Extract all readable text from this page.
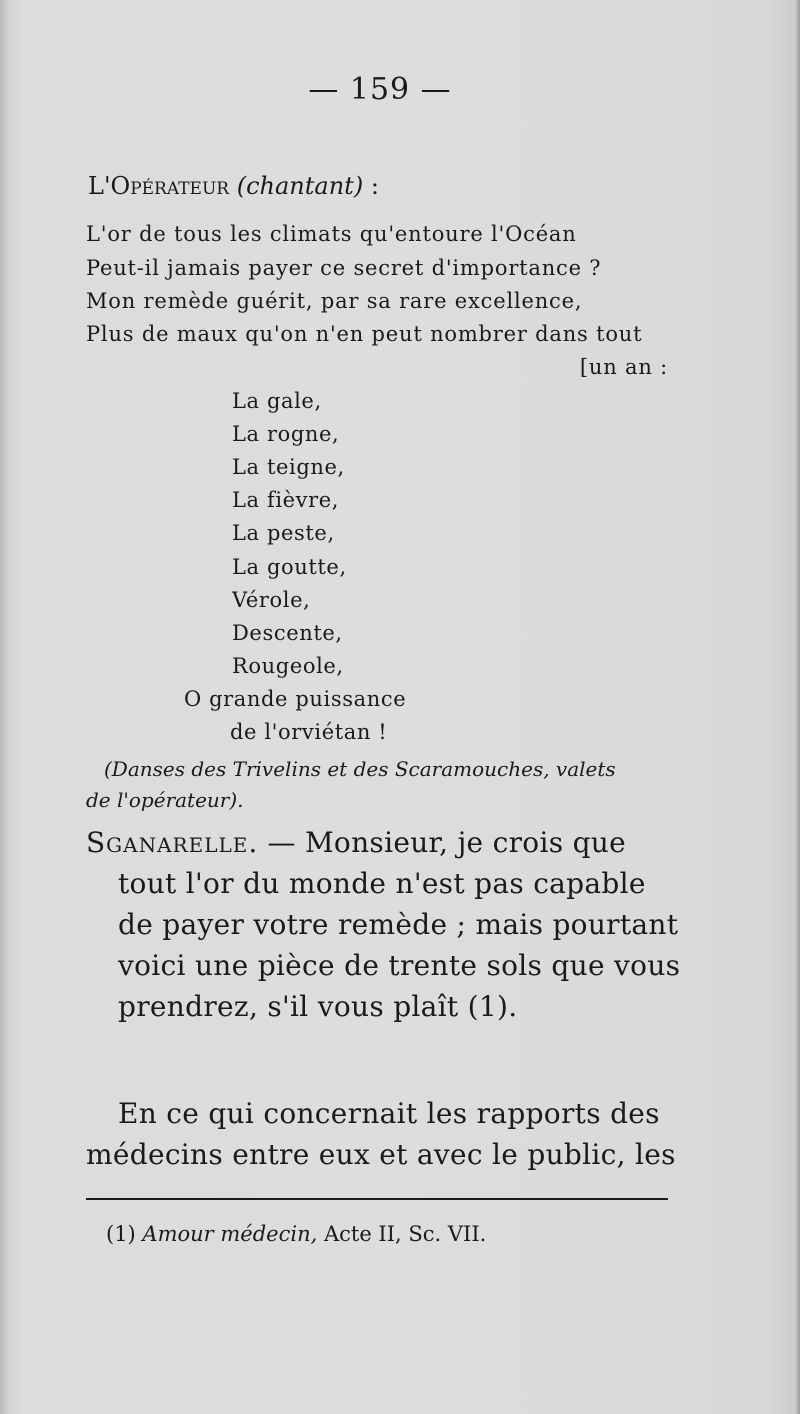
— 159 —
L'Opérateur (chantant) :
L'or de tous les climats qu'entoure l'Océan
Peut-il jamais payer ce secret d'importance ?
Mon remède guérit, par sa rare excellence,
Plus de maux qu'on n'en peut nombrer dans tout
[un an :
La gale,
La rogne,
La teigne,
La fièvre,
La peste,
La goutte,
Vérole,
Descente,
Rougeole,
O grande puissance
de l'orviétan !
(Danses des Trivelins et des Scaramouches, valets
de l'opérateur).
Sganarelle. — Monsieur, je crois que
tout l'or du monde n'est pas capable
de payer votre remède ; mais pourtant
voici une pièce de trente sols que vous
prendrez, s'il vous plaît (1).
En ce qui concernait les rapports des
médecins entre eux et avec le public, les
(1) Amour médecin, Acte II, Sc. VII.
